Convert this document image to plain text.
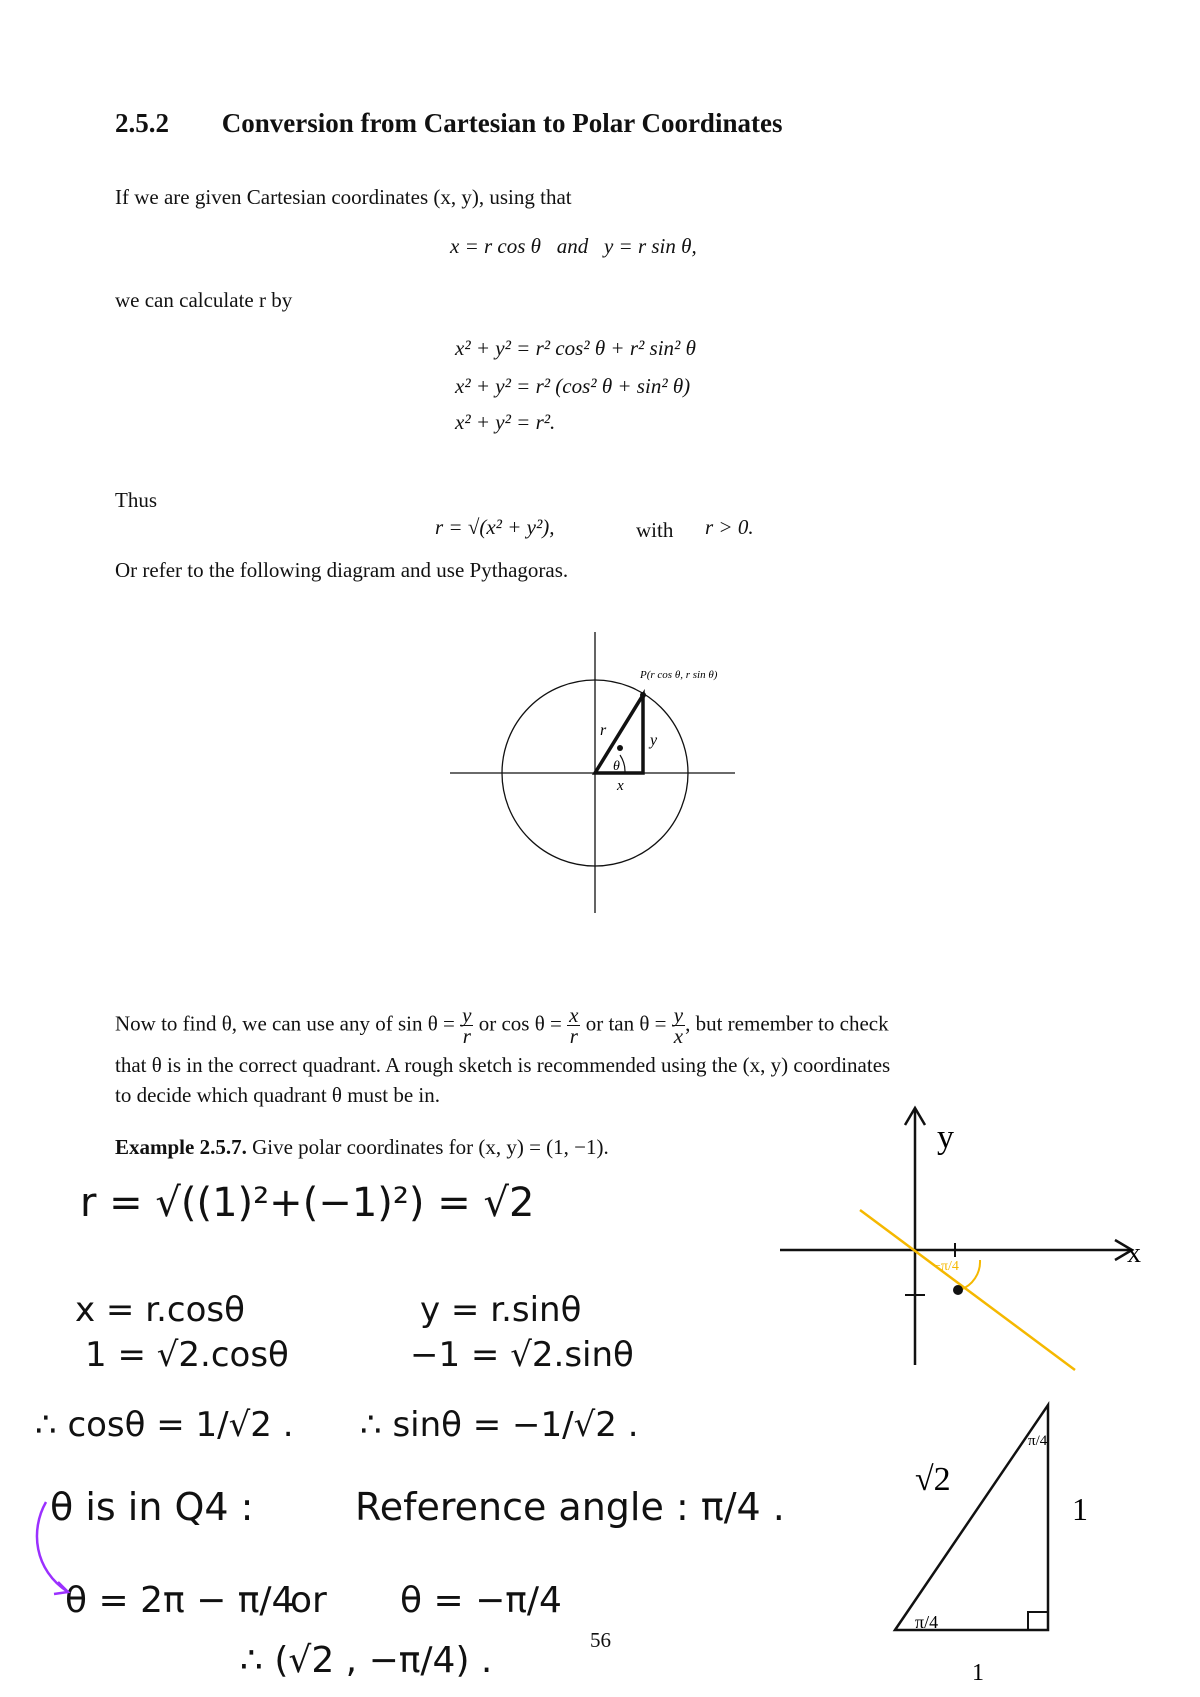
2.5.2 Conversion from Cartesian to Polar Coordinates
If we are given Cartesian coordinates (x, y), using that
x = r cos θ   and   y = r sin θ,
we can calculate r by
x² + y² = r² cos² θ + r² sin² θ
x² + y² = r² (cos² θ + sin² θ)
x² + y² = r².
Thus
r = √(x² + y²),	with r > 0.
Or refer to the following diagram and use Pythagoras.
P(r cos θ, r sin θ)
r
y
θ
x
Now to find θ, we can use any of $\sin \theta = \frac{y}{r}$ or $\cos \theta = \frac{x}{r}$ or $\tan \theta = \frac{y}{x}$ , but remember to check
that θ is in the correct quadrant. A rough sketch is recommended using the (x, y) coordinates
to decide which quadrant θ must be in.
Example 2.5.7. Give polar coordinates for (x, y) = (1, −1).
r = √((1)²+(−1)²) = √2
x = r.cosθ
1 = √2.cosθ
y = r.sinθ
−1 = √2.sinθ
∴ cosθ = 1/√2 . ∴ sinθ = −1/√2 .
θ is in Q4 :	Reference angle : π/4 .
θ = 2π − π/4
or θ = −π/4
∴ (√2 , −π/4) .
y
x
−π/4
√2
π/4
1
π/4
1
56
